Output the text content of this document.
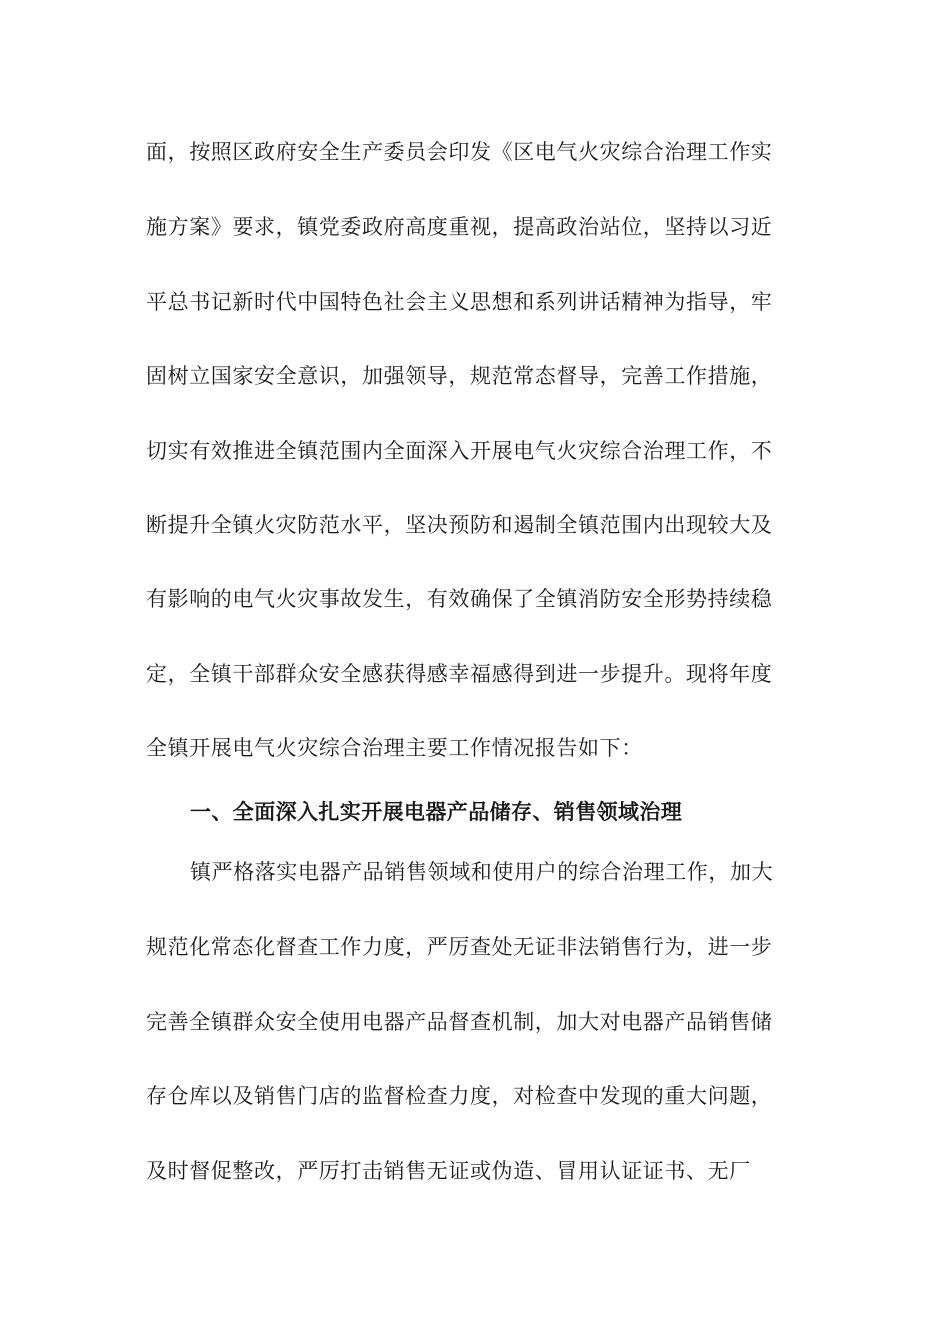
面，按照区政府安全生产委员会印发《区电气火灾综合治理工作实
施方案》要求，镇党委政府高度重视，提高政治站位，坚持以习近
平总书记新时代中国特色社会主义思想和系列讲话精神为指导，牢
固树立国家安全意识，加强领导，规范常态督导，完善工作措施，
切实有效推进全镇范围内全面深入开展电气火灾综合治理工作，不
断提升全镇火灾防范水平，坚决预防和遏制全镇范围内出现较大及
有影响的电气火灾事故发生，有效确保了全镇消防安全形势持续稳
定，全镇干部群众安全感获得感幸福感得到进一步提升。现将年度
全镇开展电气火灾综合治理主要工作情况报告如下：
一、全面深入扎实开展电器产品储存、销售领域治理
镇严格落实电器产品销售领域和使用户的综合治理工作，加大
规范化常态化督查工作力度，严厉查处无证非法销售行为，进一步
完善全镇群众安全使用电器产品督查机制，加大对电器产品销售储
存仓库以及销售门店的监督检查力度，对检查中发现的重大问题，
及时督促整改，严厉打击销售无证或伪造、冒用认证证书、无厂
